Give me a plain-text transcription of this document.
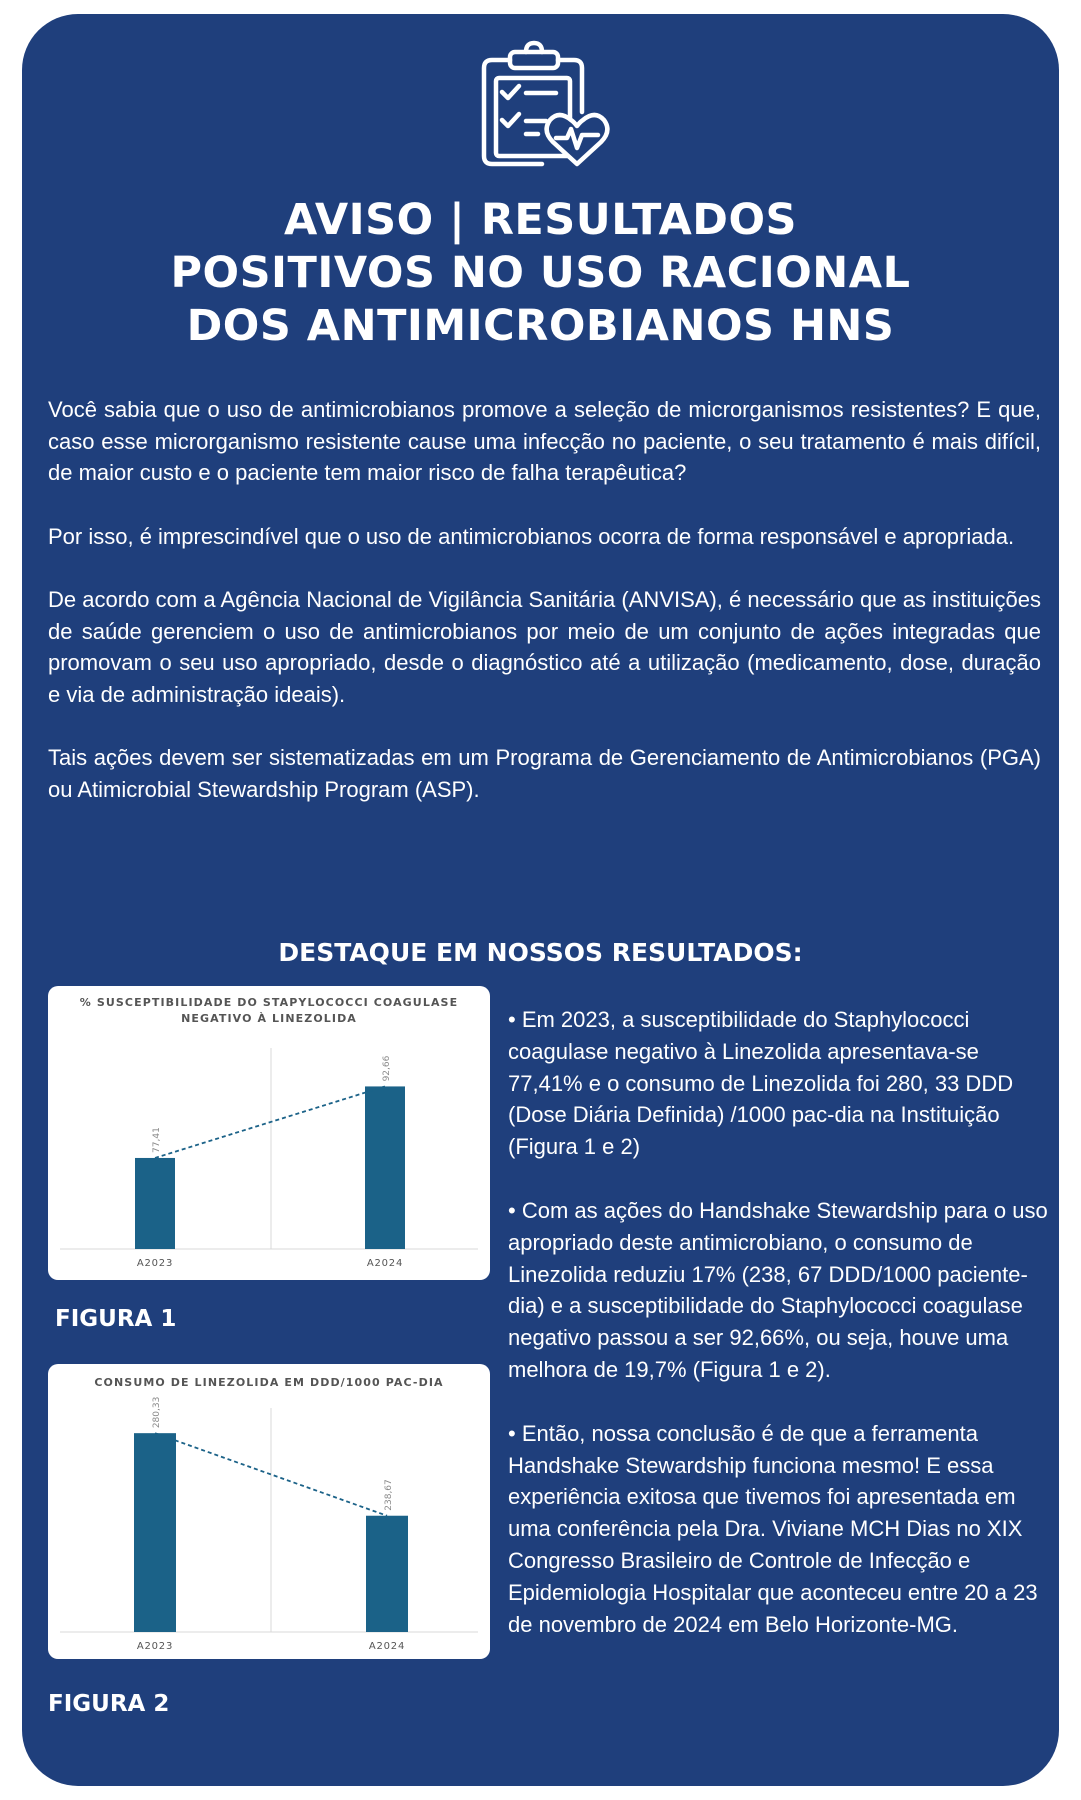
AVISO | RESULTADOS
POSITIVOS NO USO RACIONAL
DOS ANTIMICROBIANOS HNS

Você sabia que o uso de antimicrobianos promove a seleção de microrganismos resistentes? E que, caso esse microrganismo resistente cause uma infecção no paciente, o seu tratamento é mais difícil, de maior custo e o paciente tem maior risco de falha terapêutica?

Por isso, é imprescindível que o uso de antimicrobianos ocorra de forma responsável e apropriada.

De acordo com a Agência Nacional de Vigilância Sanitária (ANVISA), é necessário que as instituições de saúde gerenciem o uso de antimicrobianos por meio de um conjunto de ações integradas que promovam o seu uso apropriado, desde o diagnóstico até a utilização (medicamento, dose, duração e via de administração ideais).

Tais ações devem ser sistematizadas em um Programa de Gerenciamento de Antimicrobianos (PGA) ou Atimicrobial Stewardship Program (ASP).

DESTAQUE EM NOSSOS RESULTADOS:
% SUSCEPTIBILIDADE DO STAPYLOCOCCI COAGULASE
NEGATIVO À LINEZOLIDA
77,41
A2023
92,66
A2024

FIGURA 1

CONSUMO DE LINEZOLIDA EM DDD/1000 PAC-DIA
280,33
A2023
238,67
A2024

FIGURA 2

• Em 2023, a susceptibilidade do Staphylococci coagulase negativo à Linezolida apresentava-se 77,41% e o consumo de Linezolida foi 280, 33 DDD (Dose Diária Definida) /1000 pac-dia na Instituição (Figura 1 e 2)

• Com as ações do Handshake Stewardship para o uso apropriado deste antimicrobiano, o consumo de Linezolida reduziu 17% (238, 67 DDD/1000 paciente-dia) e a susceptibilidade do Staphylococci coagulase negativo passou a ser 92,66%, ou seja, houve uma melhora de 19,7% (Figura 1 e 2).

• Então, nossa conclusão é de que a ferramenta Handshake Stewardship funciona mesmo! E essa experiência exitosa que tivemos foi apresentada em uma conferência pela Dra. Viviane MCH Dias no XIX Congresso Brasileiro de Controle de Infecção e Epidemiologia Hospitalar que aconteceu entre 20 a 23 de novembro de 2024 em Belo Horizonte-MG.
